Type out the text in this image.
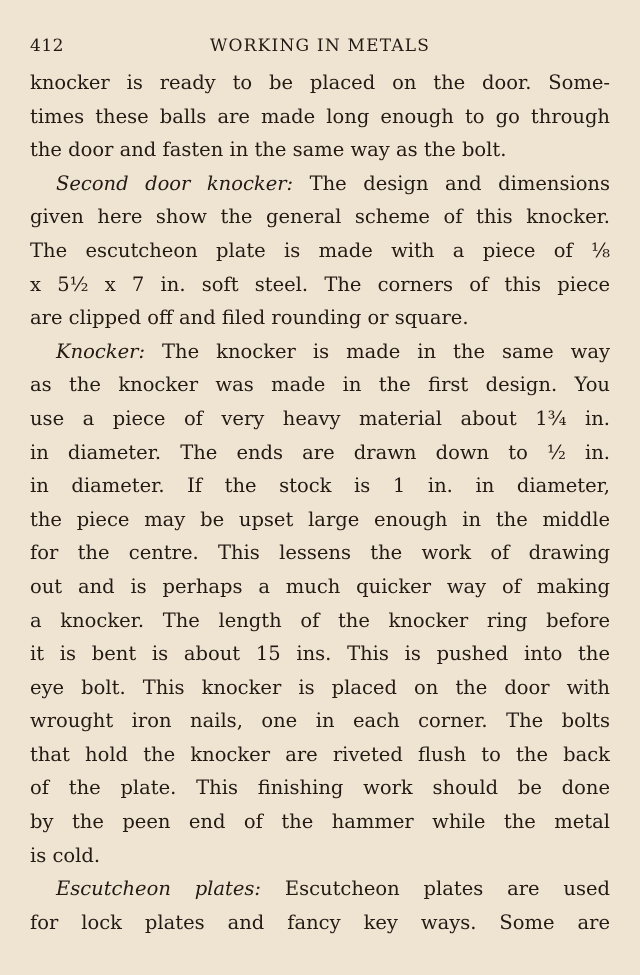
412	WORKING IN METALS
knocker is ready to be placed on the door. Some-
times these balls are made long enough to go through
the door and fasten in the same way as the bolt.
Second door knocker: The design and dimensions
given here show the general scheme of this knocker.
The escutcheon plate is made with a piece of ⅛
x 5½ x 7 in. soft steel. The corners of this piece
are clipped off and filed rounding or square.
Knocker: The knocker is made in the same way
as the knocker was made in the first design. You
use a piece of very heavy material about 1¾ in.
in diameter. The ends are drawn down to ½ in.
in diameter. If the stock is 1 in. in diameter,
the piece may be upset large enough in the middle
for the centre. This lessens the work of drawing
out and is perhaps a much quicker way of making
a knocker. The length of the knocker ring before
it is bent is about 15 ins. This is pushed into the
eye bolt. This knocker is placed on the door with
wrought iron nails, one in each corner. The bolts
that hold the knocker are riveted flush to the back
of the plate. This finishing work should be done
by the peen end of the hammer while the metal
is cold.
Escutcheon plates: Escutcheon plates are used
for lock plates and fancy key ways. Some are
